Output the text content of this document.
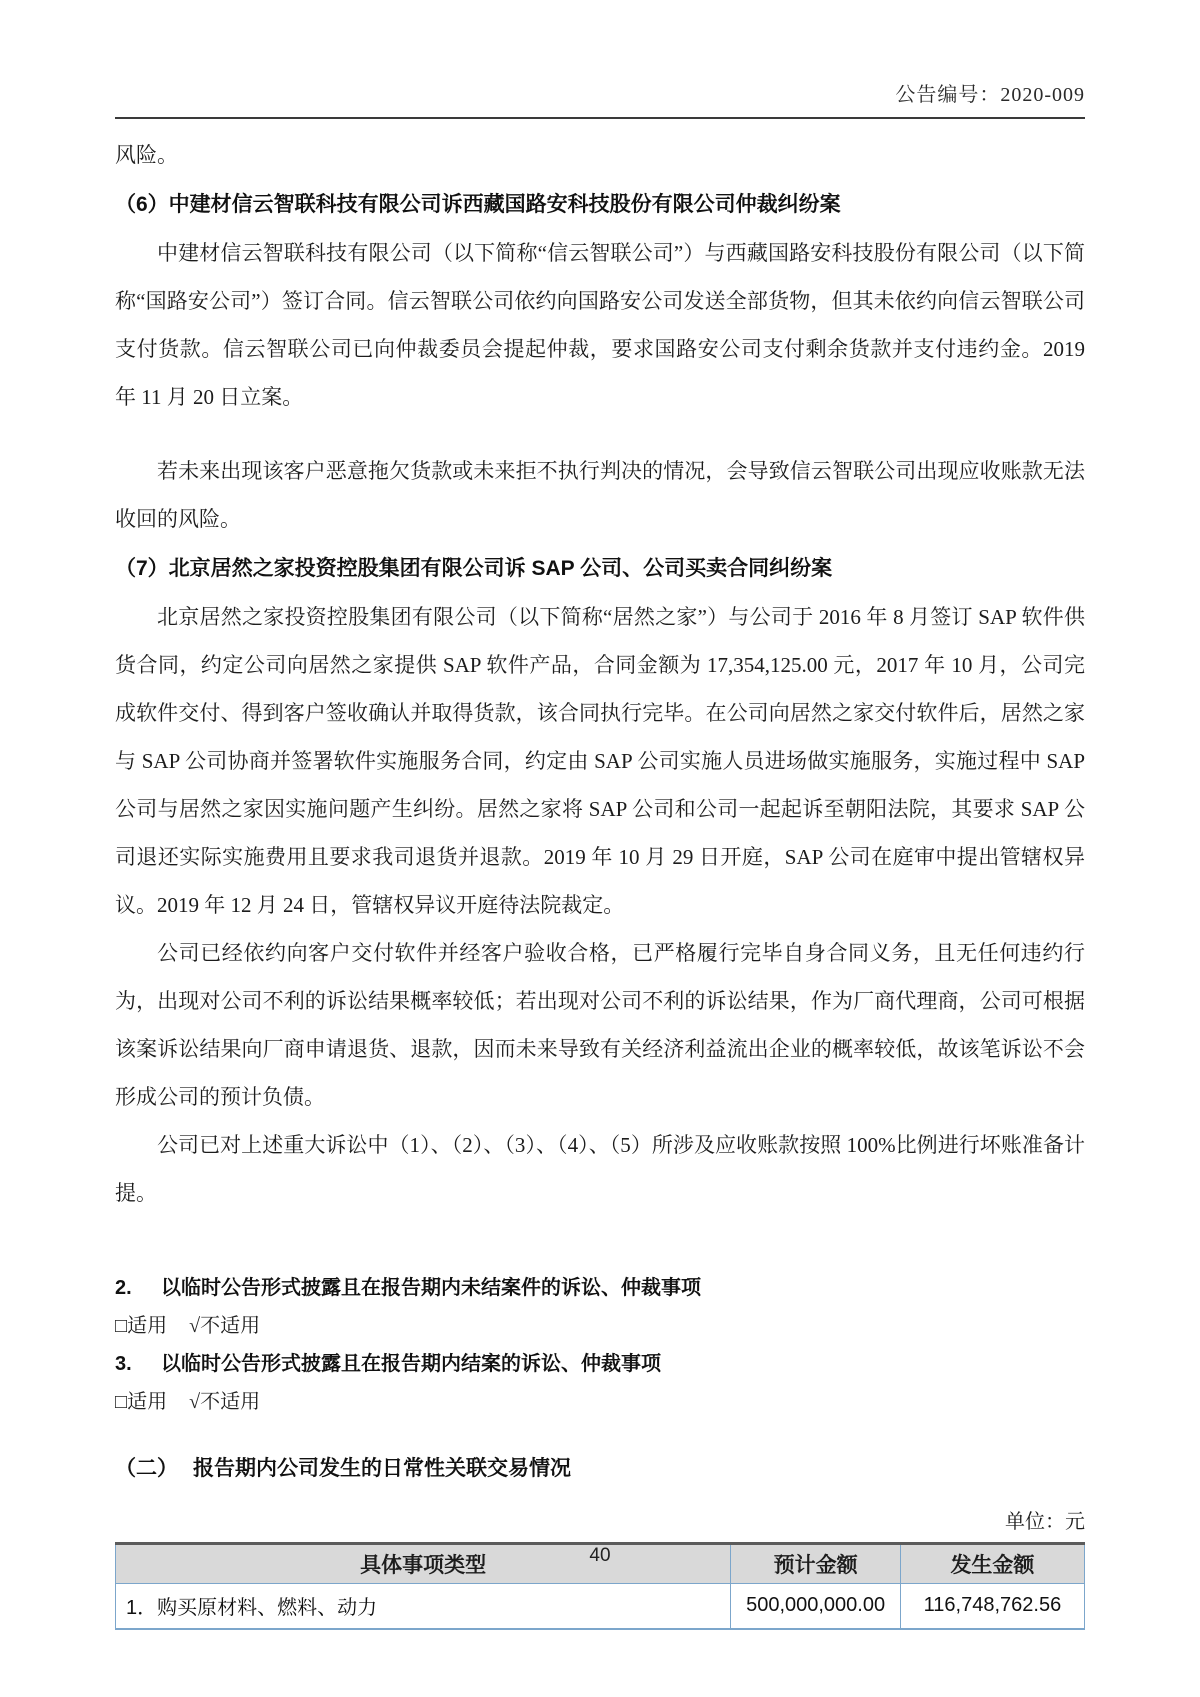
公告编号：2020-009

风险。

（6）中建材信云智联科技有限公司诉西藏国路安科技股份有限公司仲裁纠纷案

中建材信云智联科技有限公司（以下简称“信云智联公司”）与西藏国路安科技股份有限公司（以下简称“国路安公司”）签订合同。信云智联公司依约向国路安公司发送全部货物，但其未依约向信云智联公司支付货款。信云智联公司已向仲裁委员会提起仲裁，要求国路安公司支付剩余货款并支付违约金。2019 年 11 月 20 日立案。

若未来出现该客户恶意拖欠货款或未来拒不执行判决的情况，会导致信云智联公司出现应收账款无法收回的风险。

（7）北京居然之家投资控股集团有限公司诉 SAP 公司、公司买卖合同纠纷案

北京居然之家投资控股集团有限公司（以下简称“居然之家”）与公司于 2016 年 8 月签订 SAP 软件供货合同，约定公司向居然之家提供 SAP 软件产品，合同金额为 17,354,125.00 元，2017 年 10 月，公司完成软件交付、得到客户签收确认并取得货款，该合同执行完毕。在公司向居然之家交付软件后，居然之家与 SAP 公司协商并签署软件实施服务合同，约定由 SAP 公司实施人员进场做实施服务，实施过程中 SAP 公司与居然之家因实施问题产生纠纷。居然之家将 SAP 公司和公司一起起诉至朝阳法院，其要求 SAP 公司退还实际实施费用且要求我司退货并退款。2019 年 10 月 29 日开庭，SAP 公司在庭审中提出管辖权异议。2019 年 12 月 24 日，管辖权异议开庭待法院裁定。

公司已经依约向客户交付软件并经客户验收合格，已严格履行完毕自身合同义务，且无任何违约行为，出现对公司不利的诉讼结果概率较低；若出现对公司不利的诉讼结果，作为厂商代理商，公司可根据该案诉讼结果向厂商申请退货、退款，因而未来导致有关经济利益流出企业的概率较低，故该笔诉讼不会形成公司的预计负债。

公司已对上述重大诉讼中（1）、（2）、（3）、（4）、（5）所涉及应收账款按照 100%比例进行坏账准备计提。

2. 以临时公告形式披露且在报告期内未结案件的诉讼、仲裁事项
□适用 √不适用
3. 以临时公告形式披露且在报告期内结案的诉讼、仲裁事项
□适用 √不适用
（二） 报告期内公司发生的日常性关联交易情况
单位：元
具体事项类型	预计金额	发生金额
1．购买原材料、燃料、动力	500,000,000.00	116,748,762.56
40
